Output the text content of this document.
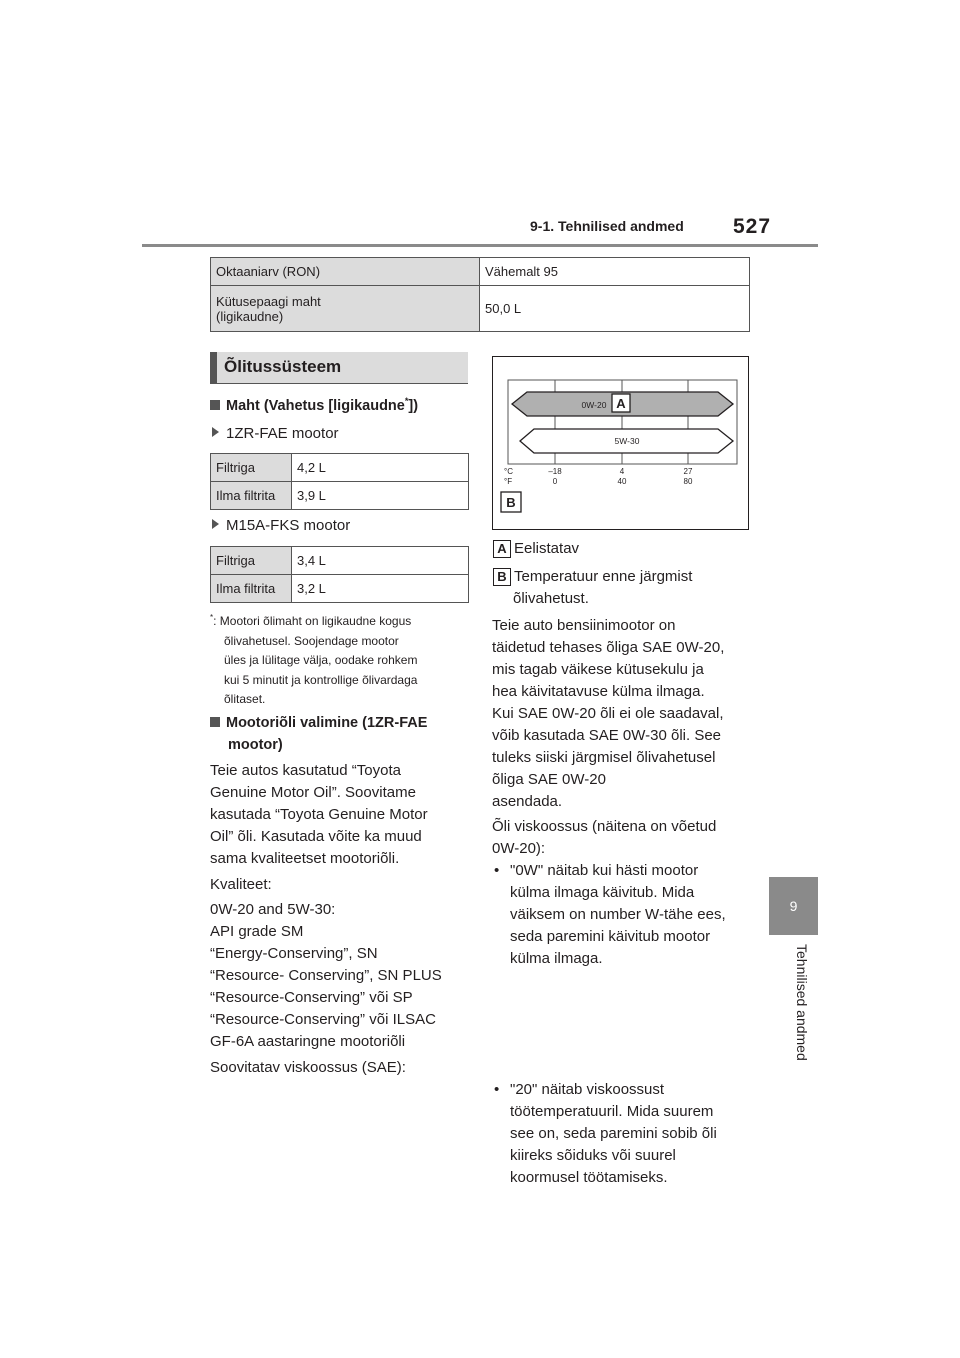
9-1. Tehnilised andmed 527
9
Tehnilised andmed
Oktaaniarv (RON)	Vähemalt 95

Kütusepaagi maht
(ligikaudne)	50,0 L
Õlitussüsteem
Maht (Vahetus [ligikaudne*])
1ZR-FAE mootor
Filtriga	4,2 L
Ilma filtrita	3,9 L
M15A-FKS mootor
Filtriga	3,4 L
Ilma filtrita	3,2 L
*: Mootori õlimaht on ligikaudne kogus
õlivahetusel. Soojendage mootor
üles ja lülitage välja, oodake rohkem
kui 5 minutit ja kontrollige õlivardaga
õlitaset.
Mootoriõli valimine (1ZR-FAE
mootor)
Teie autos kasutatud “Toyota
Genuine Motor Oil”. Soovitame
kasutada “Toyota Genuine Motor
Oil” õli. Kasutada võite ka muud
sama kvaliteetset mootoriõli.
Kvaliteet:
0W-20 and 5W-30:
API grade SM
“Energy-Conserving”, SN
“Resource- Conserving”, SN PLUS
“Resource-Conserving” või SP
“Resource-Conserving” või ILSAC
GF-6A aastaringne mootoriõli
Soovitatav viskoossus (SAE):
0W-20 A
5W-30
°C
°F
–18	4	27
0	40	80
B
A Eelistatav
B Temperatuur enne järgmist
õlivahetust.
Teie auto bensiinimootor on
täidetud tehases õliga SAE 0W-20,
mis tagab väikese kütusekulu ja
hea käivitatavuse külma ilmaga.
Kui SAE 0W-20 õli ei ole saadaval,
võib kasutada SAE 0W-30 õli. See
tuleks siiski järgmisel õlivahetusel
õliga SAE 0W-20
asendada.
Õli viskoossus (näitena on võetud
0W-20):
• "0W" näitab kui hästi mootor
külma ilmaga käivitub. Mida
väiksem on number W-tähe ees,
seda paremini käivitub mootor
külma ilmaga.
• "20" näitab viskoossust
töötemperatuuril. Mida suurem
see on, seda paremini sobib õli
kiireks sõiduks või suurel
koormusel töötamiseks.
